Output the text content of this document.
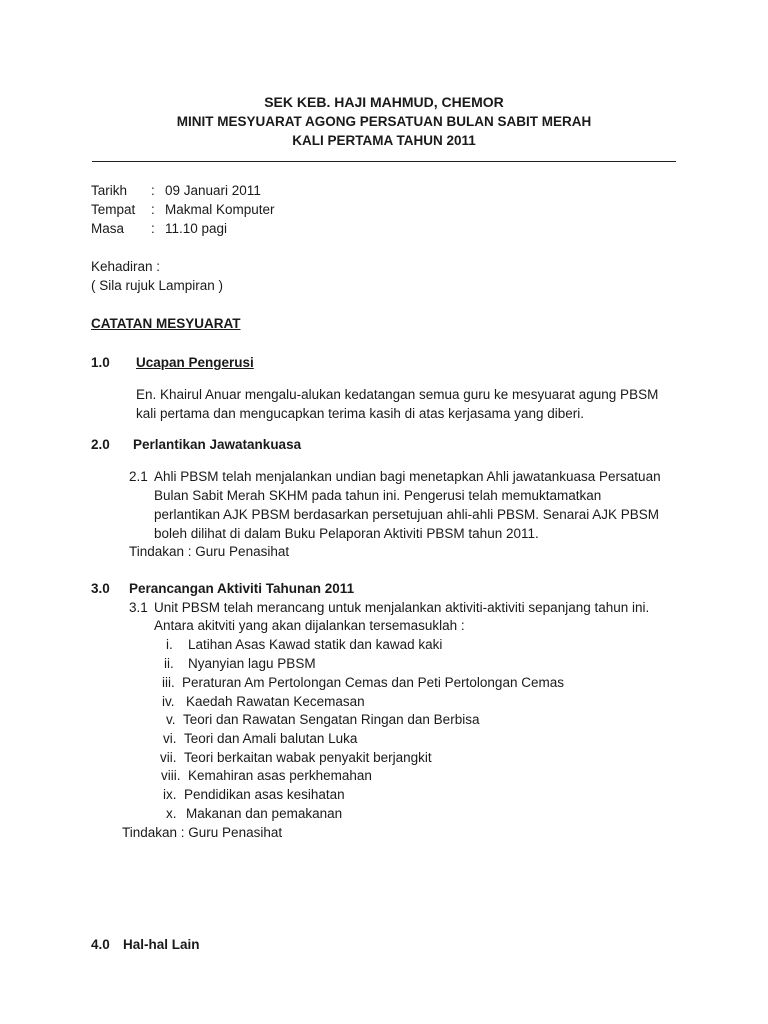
SEK KEB. HAJI MAHMUD, CHEMOR
MINIT MESYUARAT AGONG PERSATUAN BULAN SABIT MERAH
KALI PERTAMA TAHUN 2011
Tarikh : 09 Januari 2011
Tempat : Makmal Komputer
Masa : 11.10 pagi
Kehadiran :
( Sila rujuk Lampiran )
CATATAN MESYUARAT
1.0 Ucapan Pengerusi
En. Khairul Anuar mengalu-alukan kedatangan semua guru ke mesyuarat agung PBSM
kali pertama dan mengucapkan terima kasih di atas kerjasama yang diberi.
2.0 Perlantikan Jawatankuasa
2.1 Ahli PBSM telah menjalankan undian bagi menetapkan Ahli jawatankuasa Persatuan
Bulan Sabit Merah SKHM pada tahun ini. Pengerusi telah memuktamatkan
perlantikan AJK PBSM berdasarkan persetujuan ahli-ahli PBSM. Senarai AJK PBSM
boleh dilihat di dalam Buku Pelaporan Aktiviti PBSM tahun 2011.
Tindakan : Guru Penasihat
3.0 Perancangan Aktiviti Tahunan 2011
3.1 Unit PBSM telah merancang untuk menjalankan aktiviti-aktiviti sepanjang tahun ini.
Antara akitviti yang akan dijalankan tersemasuklah :
i. Latihan Asas Kawad statik dan kawad kaki
ii. Nyanyian lagu PBSM
iii. Peraturan Am Pertolongan Cemas dan Peti Pertolongan Cemas
iv. Kaedah Rawatan Kecemasan
v. Teori dan Rawatan Sengatan Ringan dan Berbisa
vi. Teori dan Amali balutan Luka
vii. Teori berkaitan wabak penyakit berjangkit
viii. Kemahiran asas perkhemahan
ix. Pendidikan asas kesihatan
x. Makanan dan pemakanan
Tindakan : Guru Penasihat
4.0 Hal-hal Lain
